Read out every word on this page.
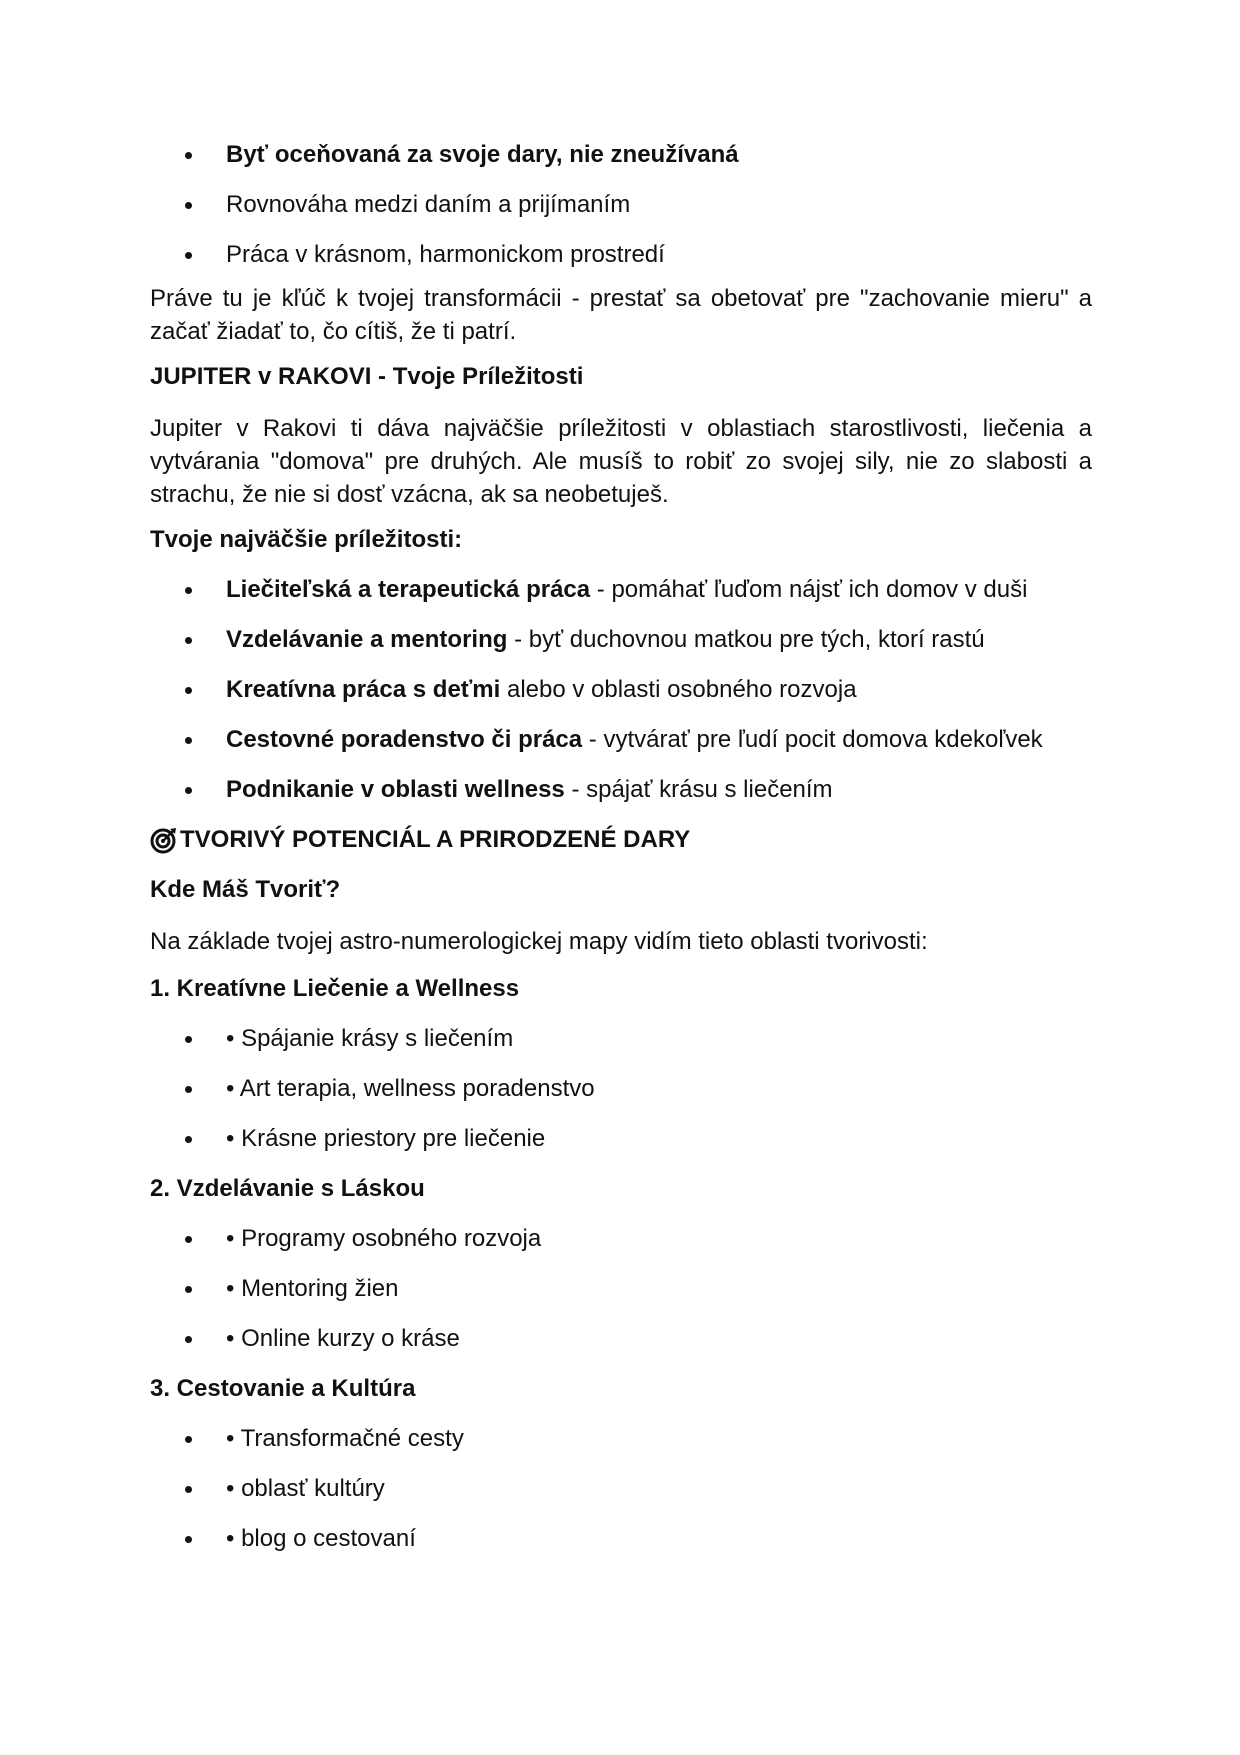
Byť oceňovaná za svoje dary, nie zneužívaná
Rovnováha medzi daním a prijímaním
Práca v krásnom, harmonickom prostredí

Práve tu je kľúč k tvojej transformácii - prestať sa obetovať pre "zachovanie mieru" a začať žiadať to, čo cítiš, že ti patrí.

JUPITER v RAKOVI - Tvoje Príležitosti

Jupiter v Rakovi ti dáva najväčšie príležitosti v oblastiach starostlivosti, liečenia a vytvárania "domova" pre druhých. Ale musíš to robiť zo svojej sily, nie zo slabosti a strachu, že nie si dosť vzácna, ak sa neobetuješ.

Tvoje najväčšie príležitosti:
Liečiteľská a terapeutická práca - pomáhať ľuďom nájsť ich domov v duši
Vzdelávanie a mentoring - byť duchovnou matkou pre tých, ktorí rastú
Kreatívna práca s deťmi alebo v oblasti osobného rozvoja
Cestovné poradenstvo či práca - vytvárať pre ľudí pocit domova kdekoľvek
Podnikanie v oblasti wellness - spájať krásu s liečením
TVORIVÝ POTENCIÁL A PRIRODZENÉ DARY
Kde Máš Tvoriť?

Na základe tvojej astro-numerologickej mapy vidím tieto oblasti tvorivosti:

1. Kreatívne Liečenie a Wellness
• Spájanie krásy s liečením
• Art terapia, wellness poradenstvo
• Krásne priestory pre liečenie
2. Vzdelávanie s Láskou
• Programy osobného rozvoja
• Mentoring žien
• Online kurzy o kráse
3. Cestovanie a Kultúra
• Transformačné cesty
• oblasť kultúry
• blog o cestovaní
